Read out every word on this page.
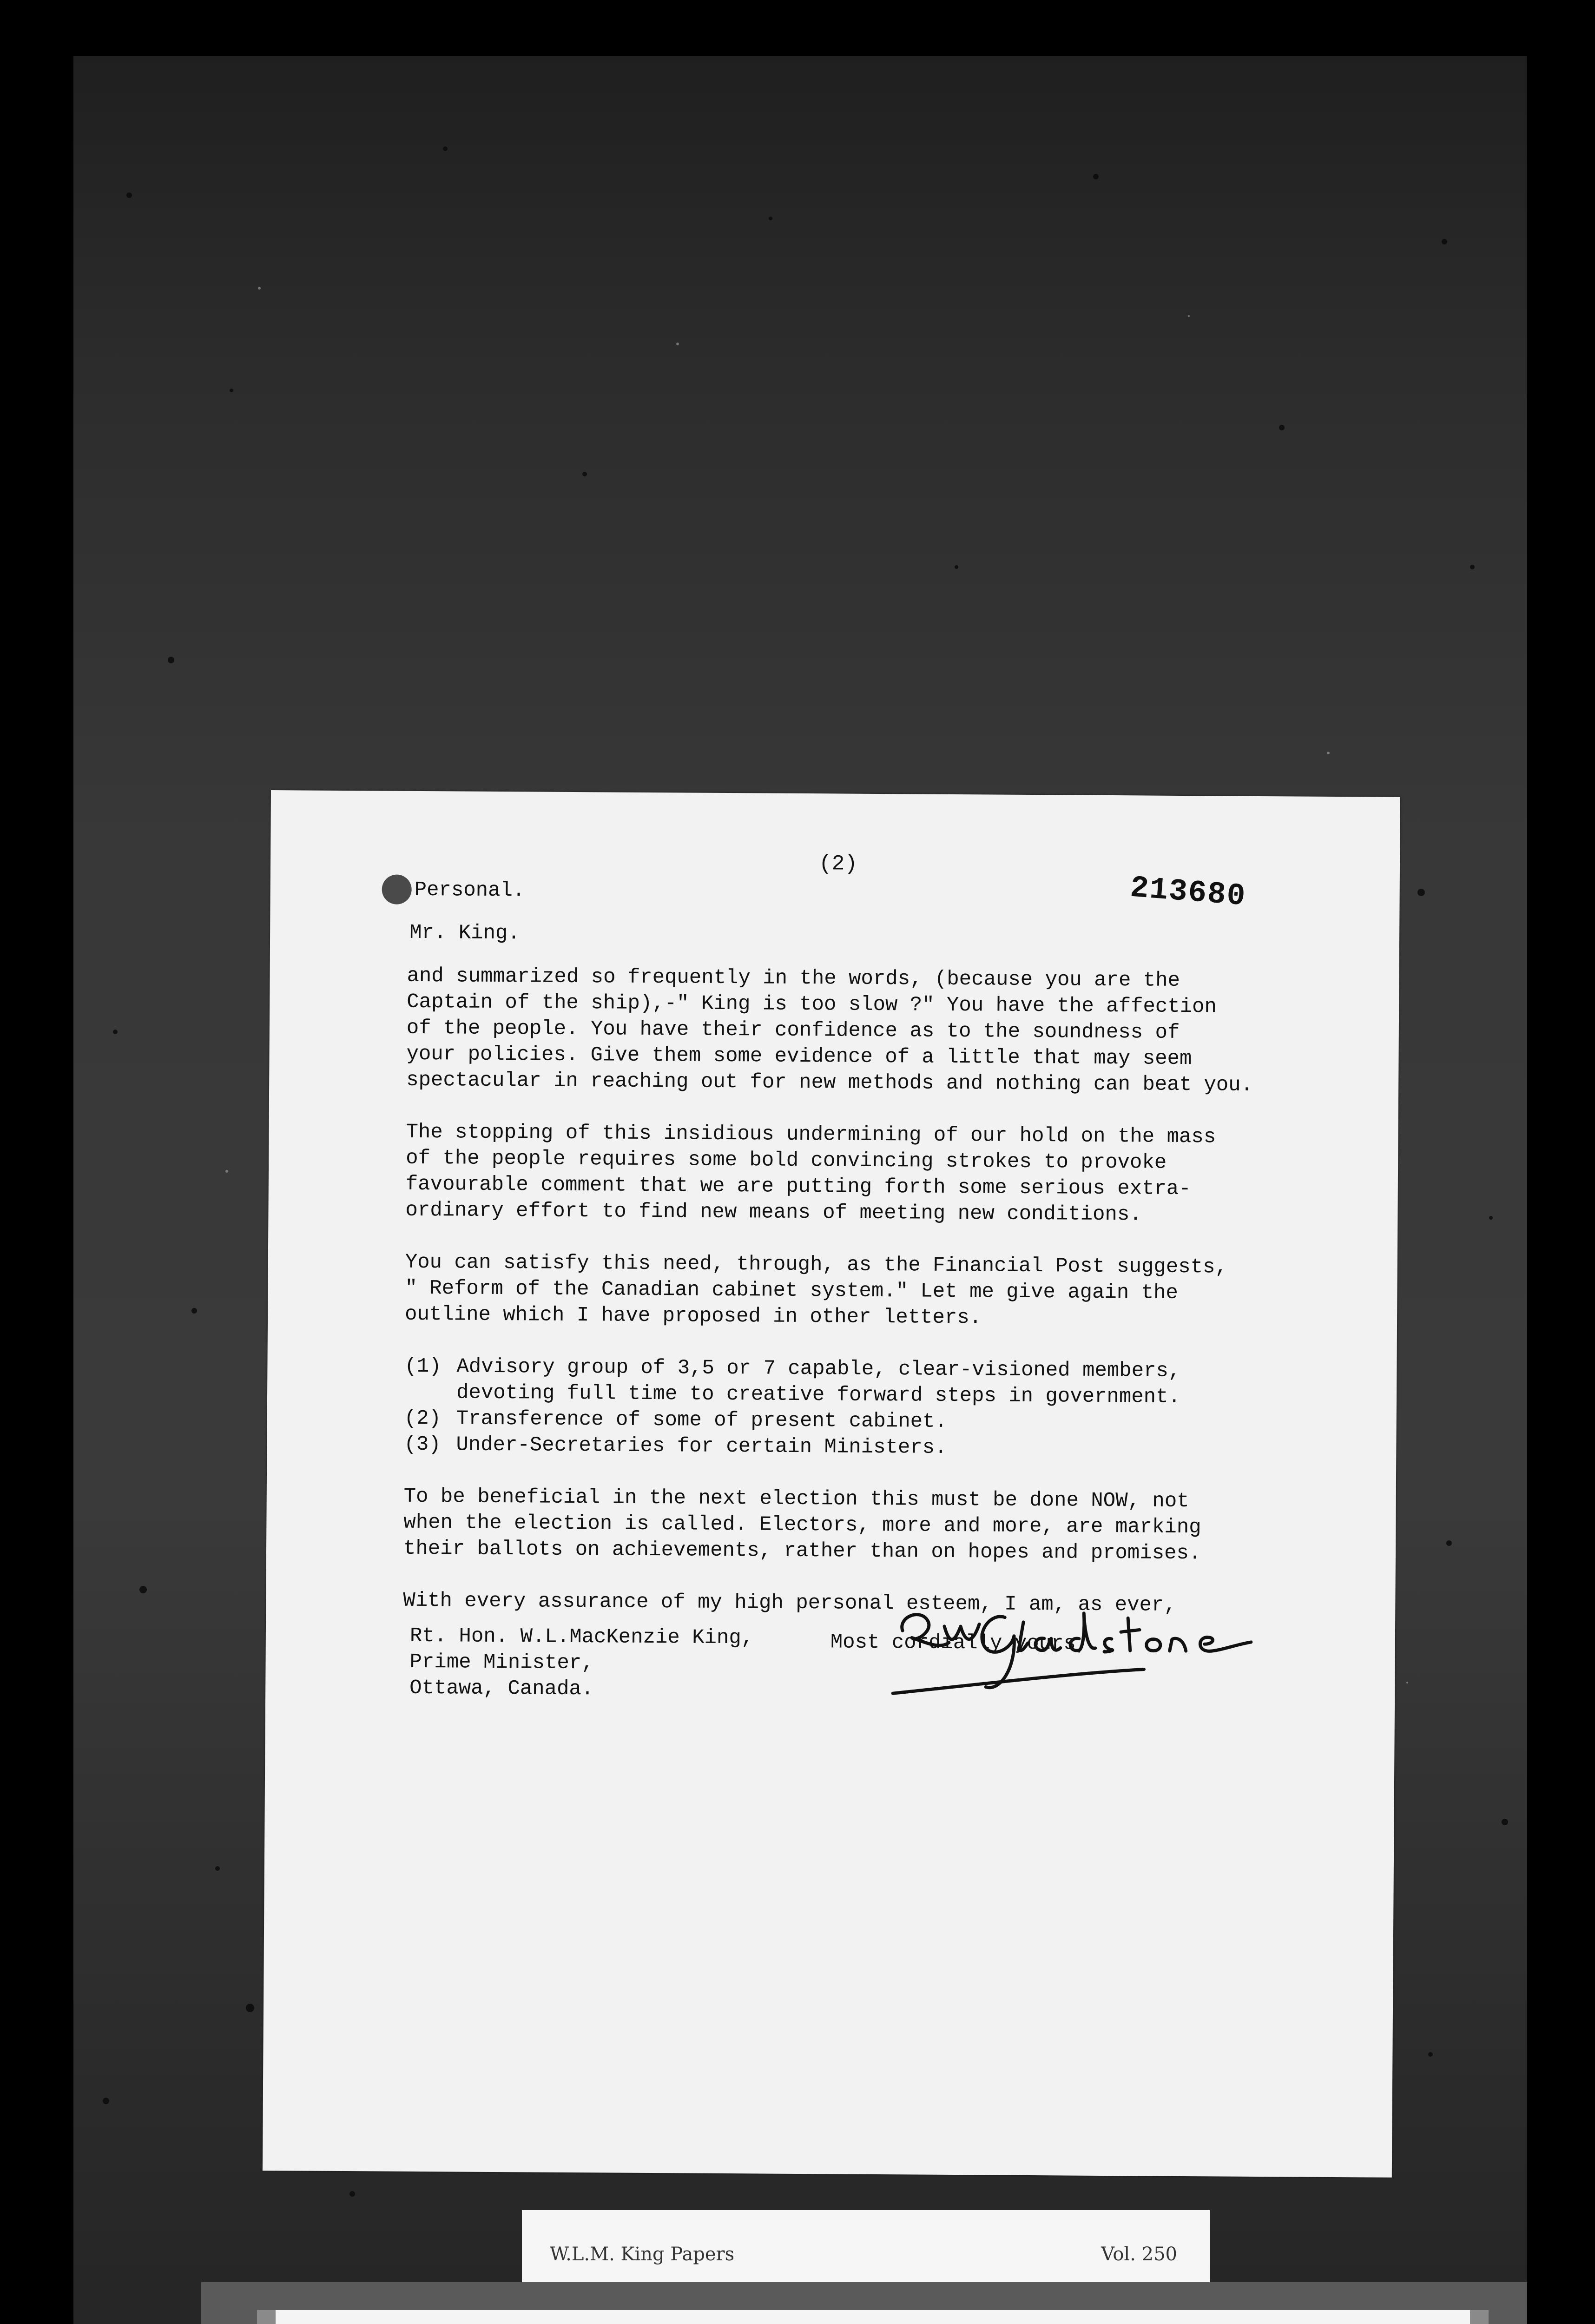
(2)
213680
Personal.
Mr. King.

and summarized so frequently in the words, (because you are the
Captain of the ship),-" King is too slow ?" You have the affection
of the people. You have their confidence as to the soundness of
your policies. Give them some evidence of a little that may seem
spectacular in reaching out for new methods and nothing can beat you.

The stopping of this insidious undermining of our hold on the mass
of the people requires some bold convincing strokes to provoke
favourable comment that we are putting forth some serious extra-
ordinary effort to find new means of meeting new conditions.

You can satisfy this need, through, as the Financial Post suggests,
" Reform of the Canadian cabinet system." Let me give again the
outline which I have proposed in other letters.

(1) Advisory group of 3,5 or 7 capable, clear-visioned members,
devoting full time to creative forward steps in government.
(2) Transference of some of present cabinet.
(3) Under-Secretaries for certain Ministers.

To be beneficial in the next election this must be done NOW, not
when the election is called. Electors, more and more, are marking
their ballots on achievements, rather than on hopes and promises.

With every assurance of my high personal esteem, I am, as ever,

Most cordially yours,

Rt. Hon. W.L.MacKenzie King,
Prime Minister,
Ottawa, Canada.
W.L.M. King Papers	Vol. 250
